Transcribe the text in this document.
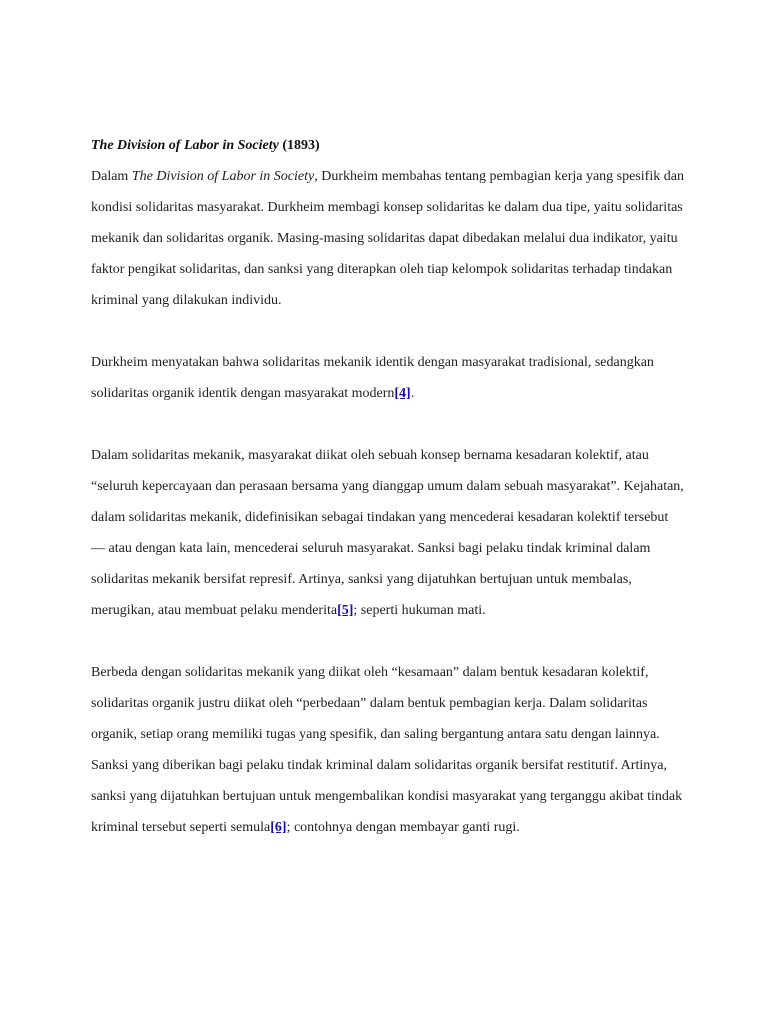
The Division of Labor in Society (1893)

Dalam The Division of Labor in Society, Durkheim membahas tentang pembagian kerja yang spesifik dan kondisi solidaritas masyarakat. Durkheim membagi konsep solidaritas ke dalam dua tipe, yaitu solidaritas mekanik dan solidaritas organik. Masing-masing solidaritas dapat dibedakan melalui dua indikator, yaitu faktor pengikat solidaritas, dan sanksi yang diterapkan oleh tiap kelompok solidaritas terhadap tindakan kriminal yang dilakukan individu.

Durkheim menyatakan bahwa solidaritas mekanik identik dengan masyarakat tradisional, sedangkan solidaritas organik identik dengan masyarakat modern[4].

Dalam solidaritas mekanik, masyarakat diikat oleh sebuah konsep bernama kesadaran kolektif, atau “seluruh kepercayaan dan perasaan bersama yang dianggap umum dalam sebuah masyarakat”. Kejahatan, dalam solidaritas mekanik, didefinisikan sebagai tindakan yang mencederai kesadaran kolektif tersebut — atau dengan kata lain, mencederai seluruh masyarakat. Sanksi bagi pelaku tindak kriminal dalam solidaritas mekanik bersifat represif. Artinya, sanksi yang dijatuhkan bertujuan untuk membalas, merugikan, atau membuat pelaku menderita[5]; seperti hukuman mati.

Berbeda dengan solidaritas mekanik yang diikat oleh “kesamaan” dalam bentuk kesadaran kolektif, solidaritas organik justru diikat oleh “perbedaan” dalam bentuk pembagian kerja. Dalam solidaritas organik, setiap orang memiliki tugas yang spesifik, dan saling bergantung antara satu dengan lainnya. Sanksi yang diberikan bagi pelaku tindak kriminal dalam solidaritas organik bersifat restitutif. Artinya, sanksi yang dijatuhkan bertujuan untuk mengembalikan kondisi masyarakat yang terganggu akibat tindak kriminal tersebut seperti semula[6]; contohnya dengan membayar ganti rugi.
